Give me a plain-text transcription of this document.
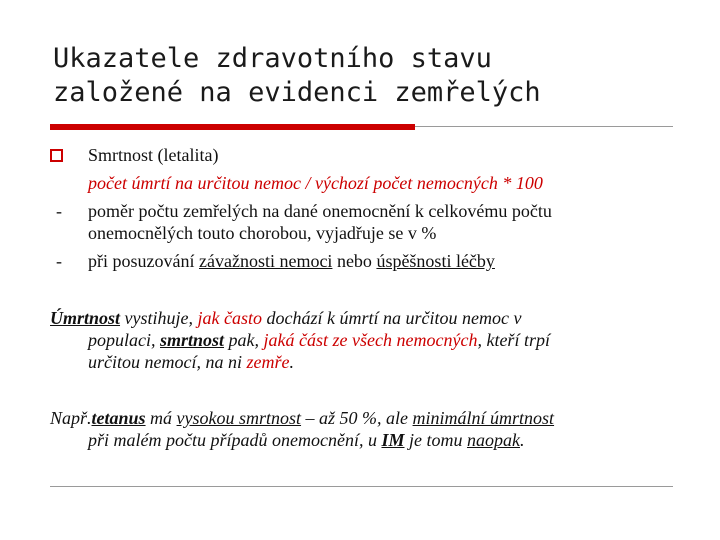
Ukazatele zdravotního stavu
založené na evidenci zemřelých
Smrtnost (letalita)
počet úmrtí na určitou nemoc / výchozí počet nemocných * 100
- poměr počtu zemřelých na dané onemocnění k celkovému počtu
onemocnělých touto chorobou, vyjadřuje se v %
- při posuzování závažnosti nemoci nebo úspěšnosti léčby
Úmrtnost vystihuje, jak často dochází k úmrtí na určitou nemoc v
populaci, smrtnost pak, jaká část ze všech nemocných, kteří trpí
určitou nemocí, na ni zemře.
Např.tetanus má vysokou smrtnost – až 50 %, ale minimální úmrtnost
při malém počtu případů onemocnění, u IM je tomu naopak.
